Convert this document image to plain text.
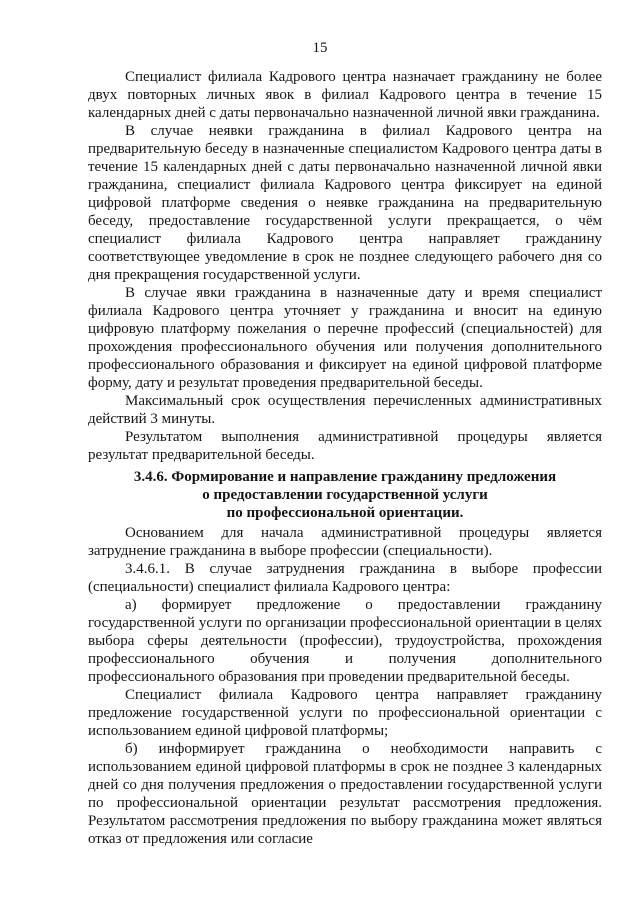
15

Специалист филиала Кадрового центра назначает гражданину не более двух повторных личных явок в филиал Кадрового центра в течение 15 календарных дней с даты первоначально назначенной личной явки гражданина.

В случае неявки гражданина в филиал Кадрового центра на предварительную беседу в назначенные специалистом Кадрового центра даты в течение 15 календарных дней с даты первоначально назначенной личной явки гражданина, специалист филиала Кадрового центра фиксирует на единой цифровой платформе сведения о неявке гражданина на предварительную беседу, предоставление государственной услуги прекращается, о чём специалист филиала Кадрового центра направляет гражданину соответствующее уведомление в срок не позднее следующего рабочего дня со дня прекращения государственной услуги.

В случае явки гражданина в назначенные дату и время специалист филиала Кадрового центра уточняет у гражданина и вносит на единую цифровую платформу пожелания о перечне профессий (специальностей) для прохождения профессионального обучения или получения дополнительного профессионального образования и фиксирует на единой цифровой платформе форму, дату и результат проведения предварительной беседы.

Максимальный срок осуществления перечисленных административных действий 3 минуты.

Результатом выполнения административной процедуры является результат предварительной беседы.

3.4.6. Формирование и направление гражданину предложения
о предоставлении государственной услуги
по профессиональной ориентации.

Основанием для начала административной процедуры является затруднение гражданина в выборе профессии (специальности).

3.4.6.1. В случае затруднения гражданина в выборе профессии (специальности) специалист филиала Кадрового центра:

а) формирует предложение о предоставлении гражданину государственной услуги по организации профессиональной ориентации в целях выбора сферы деятельности (профессии), трудоустройства, прохождения профессионального обучения и получения дополнительного профессионального образования при проведении предварительной беседы.

Специалист филиала Кадрового центра направляет гражданину предложение государственной услуги по профессиональной ориентации с использованием единой цифровой платформы;

б) информирует гражданина о необходимости направить с использованием единой цифровой платформы в срок не позднее 3 календарных дней со дня получения предложения о предоставлении государственной услуги по профессиональной ориентации результат рассмотрения предложения. Результатом рассмотрения предложения по выбору гражданина может являться отказ от предложения или согласие
